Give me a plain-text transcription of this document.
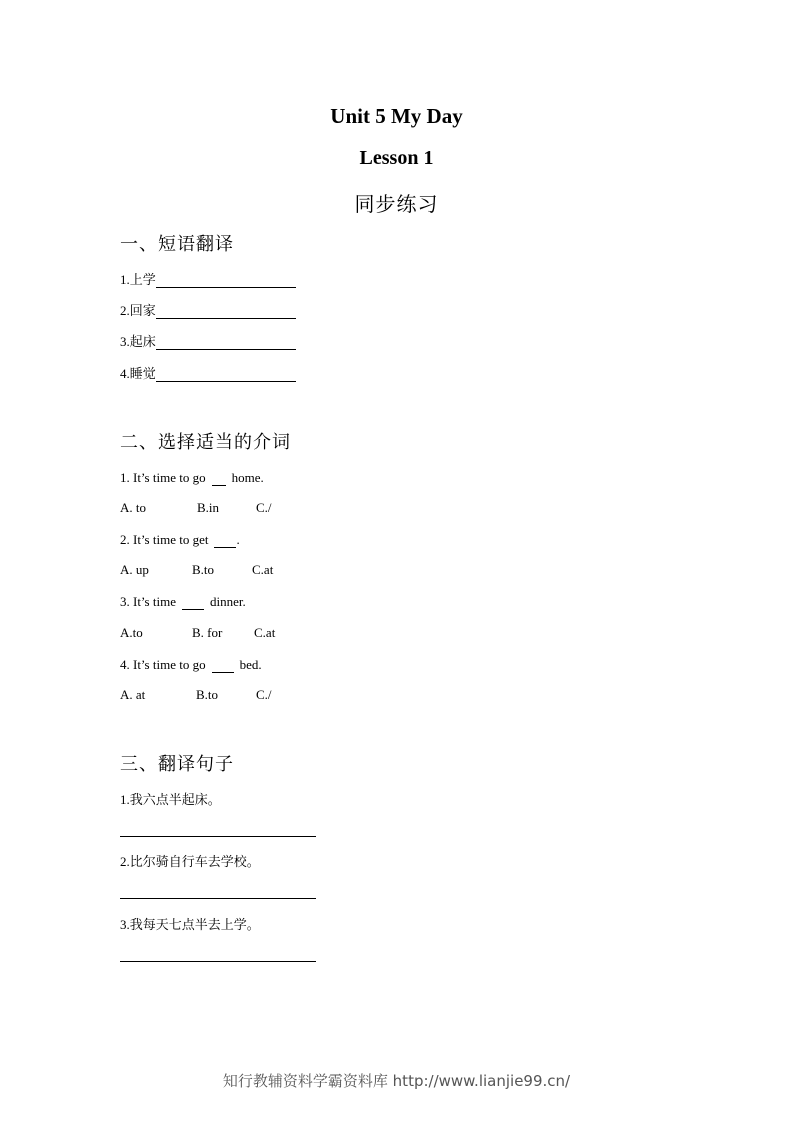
Unit 5 My Day
Lesson 1
同步练习
一、短语翻译
1.上学
2.回家
3.起床
4.睡觉
二、选择适当的介词
1. It’s time to go home.
A. to	B.in	C./
2. It’s time to get .
A. up	B.to	C.at
3. It’s time	dinner.
A.to	B. for C.at
4. It’s time to go	bed.
A. at	B.to	C./
三、翻译句子
1.我六点半起床。
2.比尔骑自行车去学校。
3.我每天七点半去上学。
知行教辅资料学霸资料库 http://www.lianjie99.cn/
